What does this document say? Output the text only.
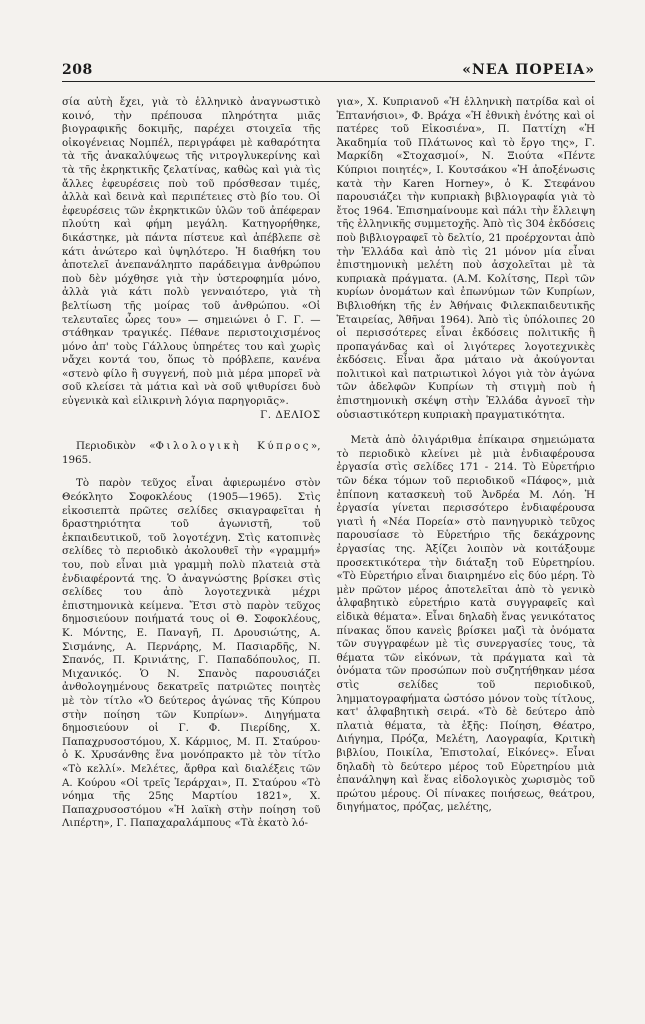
208	«ΝΕΑ ΠΟΡΕΙΑ»

σία αὐτὴ ἔχει, γιὰ τὸ ἑλληνικὸ ἀναγνωστικὸ κοινό, τὴν πρέπουσα πληρότητα μιᾶς βιογραφικῆς δοκιμῆς, παρέχει στοιχεῖα τῆς οἰκογένειας Νομπέλ, περιγράφει μὲ καθαρότητα τὰ τῆς ἀνακαλύψεως τῆς νιτρογλυκερίνης καὶ τὰ τῆς ἐκρηκτικῆς ζελατίνας, καθὼς καὶ γιὰ τὶς ἄλλες ἐφευρέσεις ποὺ τοῦ πρόσθεσαν τιμές, ἀλλὰ καὶ δεινὰ καὶ περιπέτειες στὸ βίο του. Οἱ ἐφευρέσεις τῶν ἐκρηκτικῶν ὑλῶν τοῦ ἀπέφεραν πλούτη καὶ φήμη μεγάλη. Κατηγορήθηκε, δικάστηκε, μὰ πάντα πίστευε καὶ ἀπέβλεπε σὲ κάτι ἀνώτερο καὶ ὑψηλότερο. Ἡ διαθήκη του ἀποτελεῖ ἀνεπανάληπτο παράδειγμα ἀνθρώπου ποὺ δὲν μόχθησε γιὰ τὴν ὑστεροφημία μόνο, ἀλλὰ γιὰ κάτι πολὺ γενναιότερο, γιὰ τὴ βελτίωση τῆς μοίρας τοῦ ἀνθρώπου. «Οἱ τελευταῖες ὧρες του» — σημειώνει ὁ Γ. Γ. — στάθηκαν τραγικές. Πέθανε περιστοιχισμένος μόνο ἀπ' τοὺς Γάλλους ὑπηρέτες του καὶ χωρὶς νἄχει κοντά του, ὅπως τὸ πρόβλεπε, κανένα «στενὸ φίλο ἢ συγγενή, ποὺ μιὰ μέρα μπορεῖ νὰ σοῦ κλείσει τὰ μάτια καὶ νὰ σοῦ ψιθυρίσει δυὸ εὐγενικὰ καὶ εἰλικρινὴ λόγια παρηγοριᾶς».

Γ. ΔΕΛΙΟΣ

Περιοδικὸν «Φιλολογικὴ Κύπρος», 1965.

Τὸ παρὸν τεῦχος εἶναι ἀφιερωμένο στὸν Θεόκλητο Σοφοκλέους (1905—1965). Στὶς εἰκοσιεπτὰ πρῶτες σελίδες σκιαγραφεῖται ἡ δραστηριότητα τοῦ ἀγωνιστῆ, τοῦ ἐκπαιδευτικοῦ, τοῦ λογοτέχνη. Στὶς κατοπινὲς σελίδες τὸ περιοδικὸ ἀκολουθεῖ τὴν «γραμμή» του, ποὺ εἶναι μιὰ γραμμὴ πολὺ πλατειὰ στὰ ἐνδιαφέροντά της. Ὁ ἀναγνώστης βρίσκει στὶς σελίδες του ἀπὸ λογοτεχνικὰ μέχρι ἐπιστημονικὰ κείμενα. Ἔτσι στὸ παρὸν τεῦχος δημοσιεύουν ποιήματά τους οἱ Θ. Σοφοκλέους, Κ. Μόντης, Ε. Παναγῆ, Π. Δρουσιώτης, Α. Σισμάνης, Α. Περνάρης, Μ. Πασιαρδῆς, Ν. Σπανός, Π. Κρινιάτης, Γ. Παπαδόπουλος, Π. Μιχανικός. Ὁ Ν. Σπανὸς παρουσιάζει ἀνθολογημένους δεκατρεῖς πατριῶτες ποιητὲς μὲ τὸν τίτλο «Ὁ δεύτερος ἀγώνας τῆς Κύπρου στὴν ποίηση τῶν Κυπρίων». Διηγήματα δημοσιεύουν οἱ Γ. Φ. Πιερίδης, Χ. Παπαχρυσοστόμου, Χ. Κάρμιος, Μ. Π. Σταύρου· ὁ Κ. Χρυσάνθης ἕνα μονόπρακτο μὲ τὸν τίτλο «Τὸ κελλί». Μελέτες, ἄρθρα καὶ διαλέξεις τῶν Α. Κούρου «Οἱ τρεῖς Ἰεράρχαι», Π. Σταύρου «Τὸ νόημα τῆς 25ης Μαρτίου 1821», Χ. Παπαχρυσοστόμου «Ἡ λαϊκὴ στὴν ποίηση τοῦ Λιπέρτη», Γ. Παπαχαραλάμπους «Τὰ ἑκατὸ λό-

για», Χ. Κυπριανοῦ «Ἡ ἑλληνικὴ πατρίδα καὶ οἱ Ἑπτανήσιοι», Φ. Βράχα «Ἡ ἐθνικὴ ἑνότης καὶ οἱ πατέρες τοῦ Εἰκοσιένα», Π. Παττίχη «Ἡ Ἀκαδημία τοῦ Πλάτωνος καὶ τὸ ἔργο της», Γ. Μαρκίδη «Στοχασμοί», Ν. Ξιούτα «Πέντε Κύπριοι ποιητές», Ι. Κουτσάκου «Ἡ ἀποξένωσις κατὰ τὴν Karen Horney», ὁ Κ. Στεφάνου παρουσιάζει τὴν κυπριακὴ βιβλιογραφία γιὰ τὸ ἔτος 1964. Ἐπισημαίνουμε καὶ πάλι τὴν ἔλλειψη τῆς ἑλληνικῆς συμμετοχῆς. Ἀπὸ τὶς 304 ἐκδόσεις ποὺ βιβλιογραφεῖ τὸ δελτίο, 21 προέρχονται ἀπὸ τὴν Ἑλλάδα καὶ ἀπὸ τὶς 21 μόνον μία εἶναι ἐπιστημονικὴ μελέτη ποὺ ἀσχολεῖται μὲ τὰ κυπριακὰ πράγματα. (Α.Μ. Κολίτσης, Περὶ τῶν κυρίων ὀνομάτων καὶ ἐπωνύμων τῶν Κυπρίων, Βιβλιοθήκη τῆς ἐν Ἀθήναις Φιλεκπαιδευτικῆς Ἑταιρείας, Ἀθῆναι 1964). Ἀπὸ τὶς ὑπόλοιπες 20 οἱ περισσότερες εἶναι ἐκδόσεις πολιτικῆς ἢ προπαγάνδας καὶ οἱ λιγότερες λογοτεχνικὲς ἐκδόσεις. Εἶναι ἄρα μάταιο νὰ ἀκούγονται πολιτικοὶ καὶ πατριωτικοὶ λόγοι γιὰ τὸν ἀγώνα τῶν ἀδελφῶν Κυπρίων τὴ στιγμὴ ποὺ ἡ ἐπιστημονικὴ σκέψη στὴν Ἑλλάδα ἀγνοεῖ τὴν οὐσιαστικότερη κυπριακὴ πραγματικότητα.

Μετὰ ἀπὸ ὀλιγάριθμα ἐπίκαιρα σημειώματα τὸ περιοδικὸ κλείνει μὲ μιὰ ἐνδιαφέρουσα ἐργασία στὶς σελίδες 171 - 214. Τὸ Εὑρετήριο τῶν δέκα τόμων τοῦ περιοδικοῦ «Πάφος», μιὰ ἐπίπονη κατασκευὴ τοῦ Ἀνδρέα Μ. Λόη. Ἡ ἐργασία γίνεται περισσότερο ἐνδιαφέρουσα γιατὶ ἡ «Νέα Πορεία» στὸ πανηγυρικὸ τεῦχος παρουσίασε τὸ Εὑρετήριο τῆς δεκάχρονης ἐργασίας της. Ἀξίζει λοιπὸν νὰ κοιτάξουμε προσεκτικότερα τὴν διάταξη τοῦ Εὑρετηρίου. «Τὸ Εὑρετήριο εἶναι διαιρημένο εἰς δύο μέρη. Τὸ μὲν πρῶτον μέρος ἀποτελεῖται ἀπὸ τὸ γενικὸ ἀλφαβητικὸ εὑρετήριο κατὰ συγγραφεῖς καὶ εἰδικὰ θέματα». Εἶναι δηλαδὴ ἕνας γενικότατος πίνακας ὅπου κανεὶς βρίσκει μαζὶ τὰ ὀνόματα τῶν συγγραφέων μὲ τὶς συνεργασίες τους, τὰ θέματα τῶν εἰκόνων, τὰ πράγματα καὶ τὰ ὀνόματα τῶν προσώπων ποὺ συζητήθηκαν μέσα στὶς σελίδες τοῦ περιοδικοῦ, λημματογραφήματα ὡστόσο μόνον τοὺς τίτλους, κατ' ἀλφαβητικὴ σειρά. «Τὸ δὲ δεύτερο ἀπὸ πλατιὰ θέματα, τὰ ἑξῆς: Ποίηση, Θέατρο, Διήγημα, Πρόζα, Μελέτη, Λαογραφία, Κριτικὴ βιβλίου, Ποικίλα, Ἐπιστολαί, Εἰκόνες». Εἶναι δηλαδὴ τὸ δεύτερο μέρος τοῦ Εὑρετηρίου μιὰ ἐπανάληψη καὶ ἕνας εἰδολογικὸς χωρισμὸς τοῦ πρώτου μέρους. Οἱ πίνακες ποιήσεως, θεάτρου, διηγήματος, πρόζας, μελέτης,
